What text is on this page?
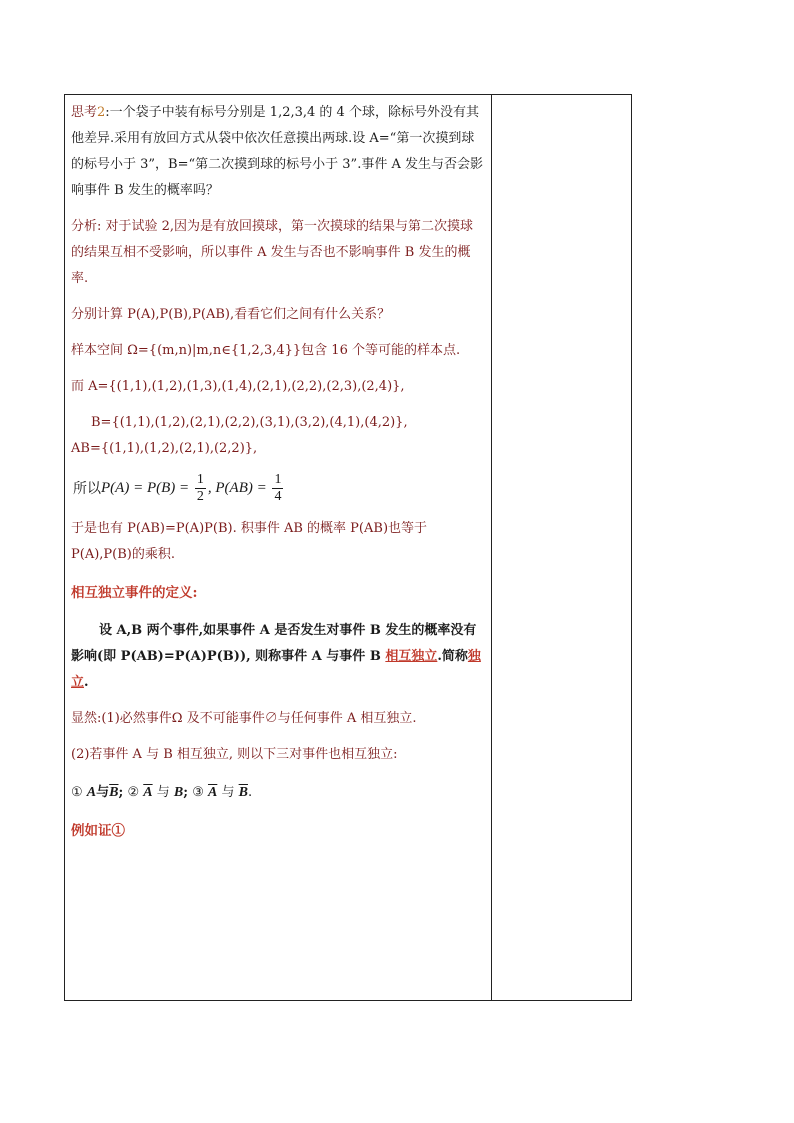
思考2:一个袋子中装有标号分别是 1,2,3,4 的 4 个球，除标号外没有其他差异.采用有放回方式从袋中依次任意摸出两球.设 A=“第一次摸到球的标号小于 3”，B=“第二次摸到球的标号小于 3”.事件 A 发生与否会影响事件 B 发生的概率吗？

分析: 对于试验 2,因为是有放回摸球，第一次摸球的结果与第二次摸球的结果互相不受影响，所以事件 A 发生与否也不影响事件 B 发生的概率.

分别计算 P(A),P(B),P(AB),看看它们之间有什么关系？

样本空间 Ω={(m,n)|m,n∈{1,2,3,4}}包含 16 个等可能的样本点.

而 A={(1,1),(1,2),(1,3),(1,4),(2,1),(2,2),(2,3),(2,4)},

B={(1,1),(1,2),(2,1),(2,2),(3,1),(3,2),(4,1),(4,2)},

AB={(1,1),(1,2),(2,1),(2,2)},

所以 $P(A) = P(B) = \frac{1}{2}$ , $P(AB) = \frac{1}{4}$

于是也有 P(AB)=P(A)P(B). 积事件 AB 的概率 P(AB)也等于 P(A),P(B)的乘积.

相互独立事件的定义:

设 A,B 两个事件,如果事件 A 是否发生对事件 B 发生的概率没有影响(即 P(AB)=P(A)P(B)), 则称事件 A 与事件 B 相互独立.简称独立.

显然:(1)必然事件Ω 及不可能事件∅与任何事件 A 相互独立.

(2)若事件 A 与 B 相互独立, 则以下三对事件也相互独立:

① A与$\overline{B}$; ② $\overline{A}$ 与 B; ③ $\overline{A}$ 与 $\overline{B}$.

例如证①
